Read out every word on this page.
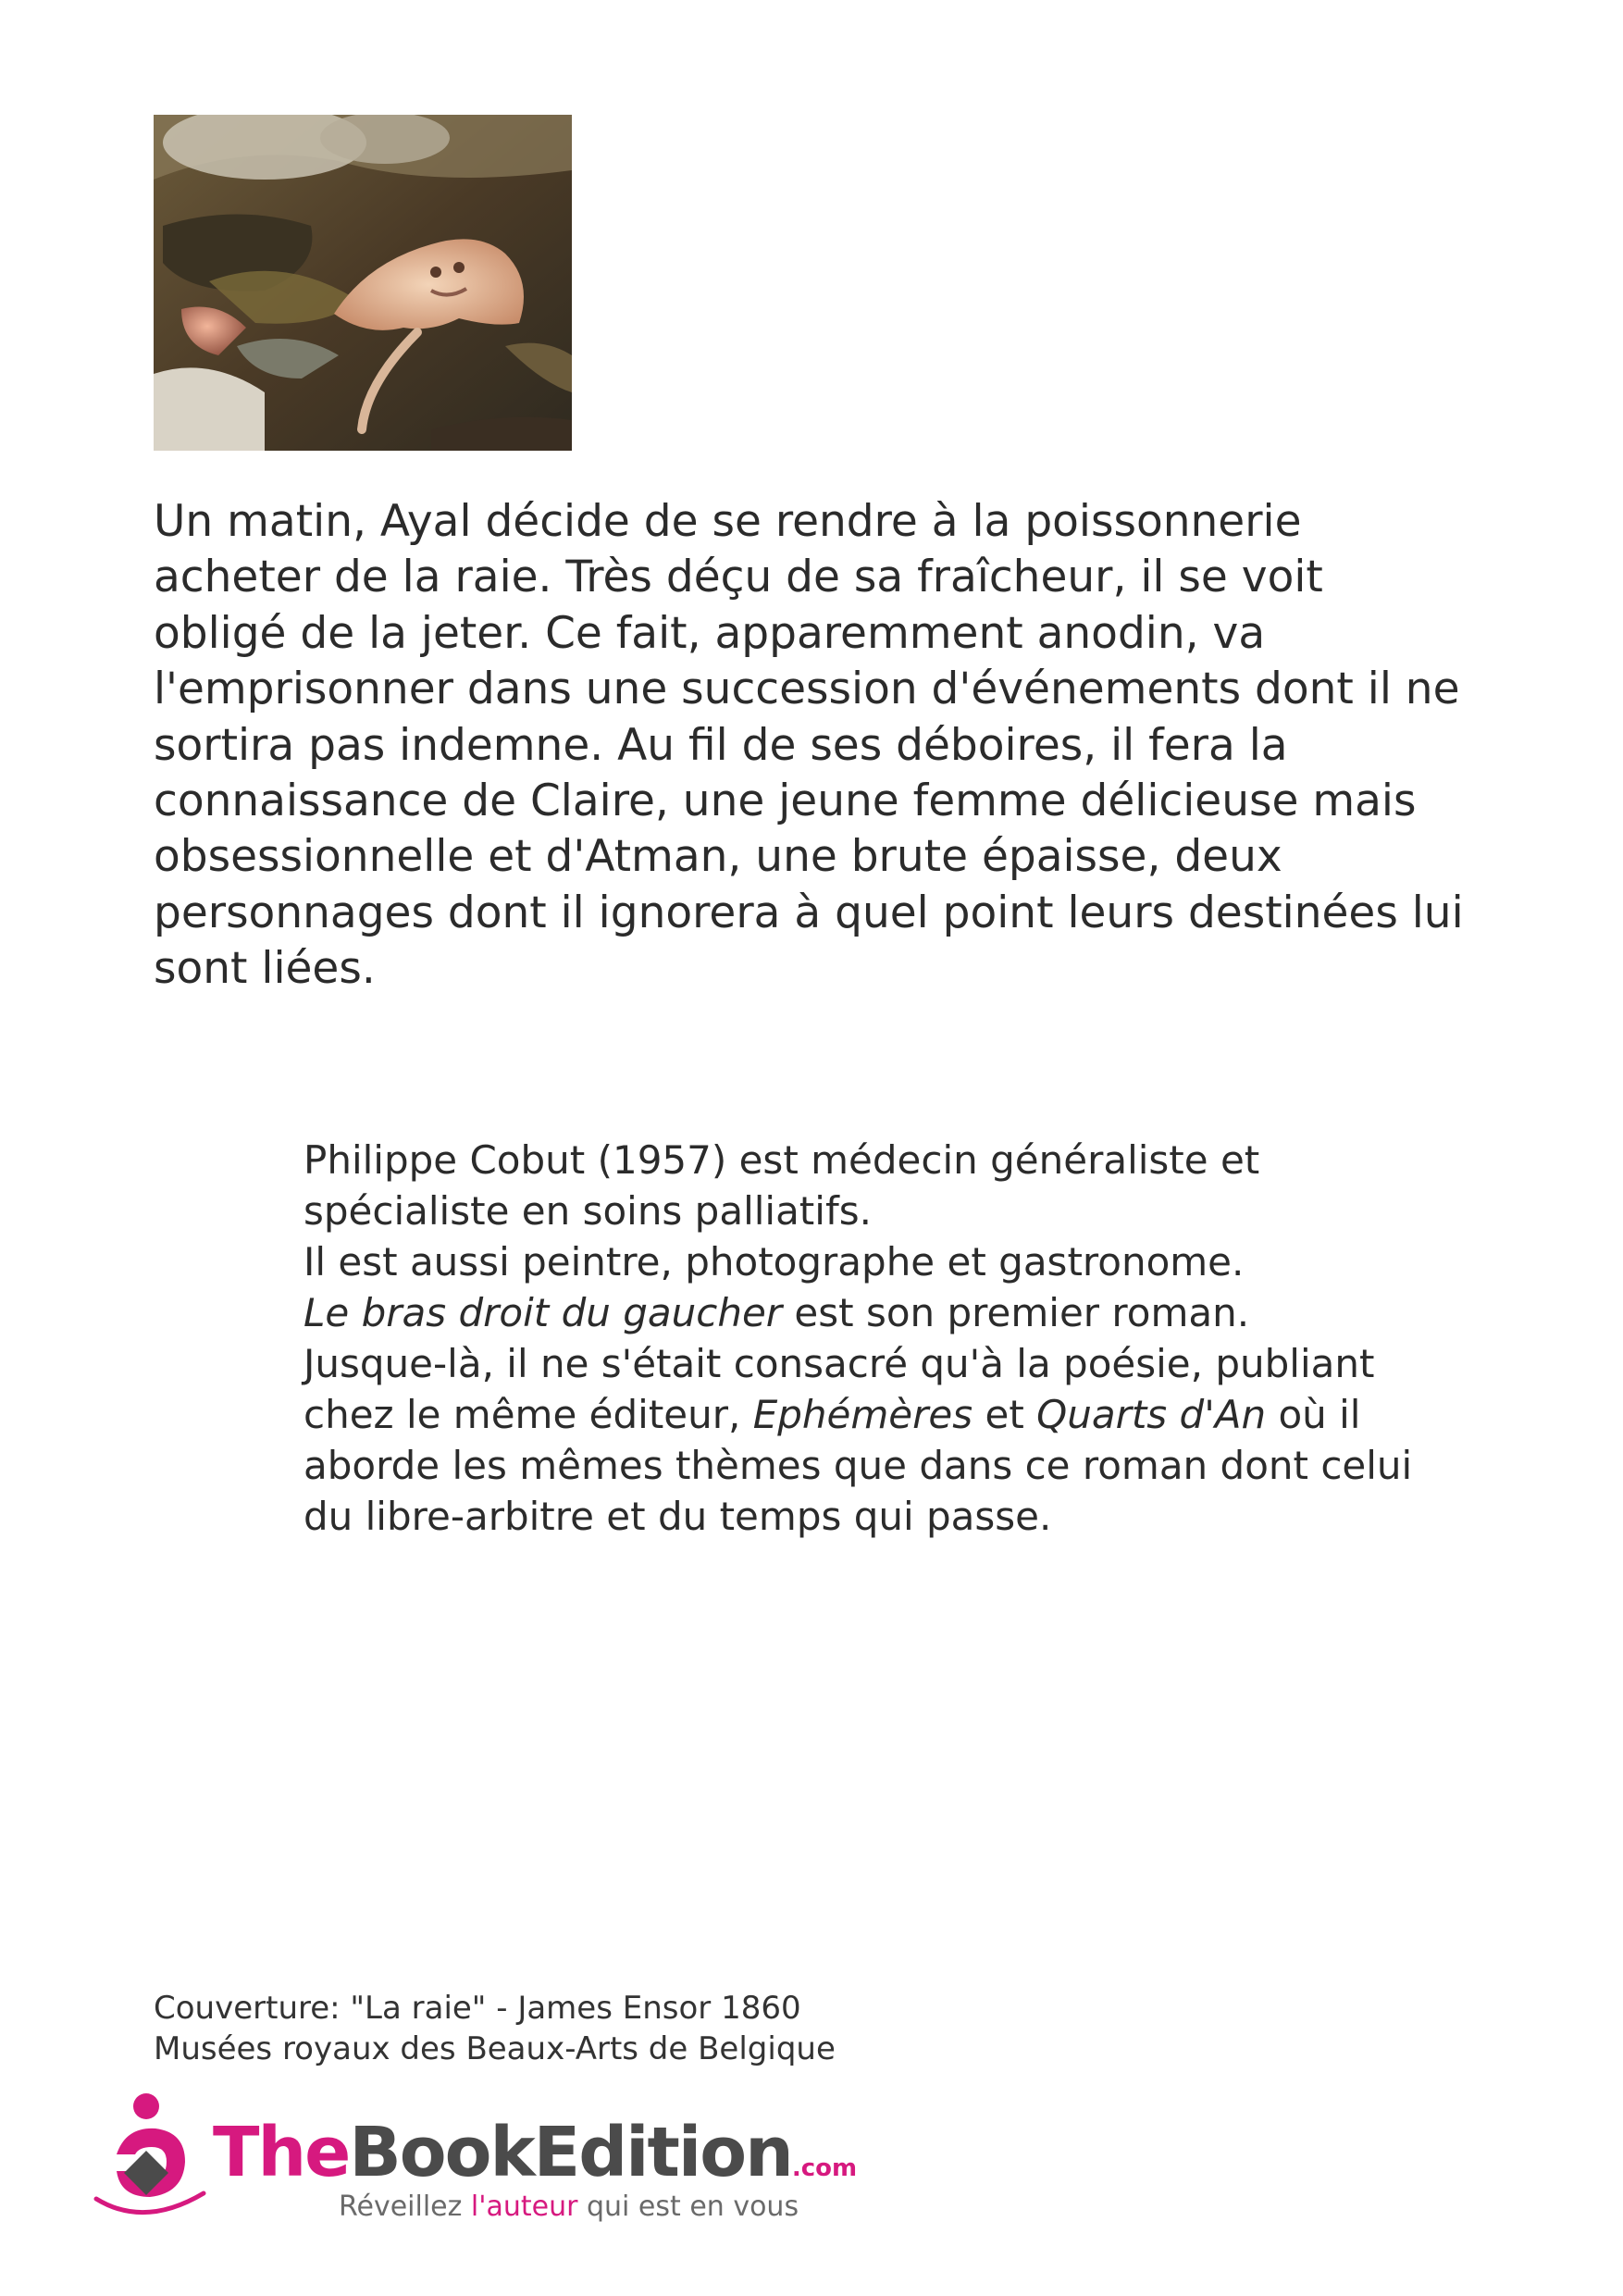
Un matin, Ayal décide de se rendre à la poissonnerie acheter de la raie. Très déçu de sa fraîcheur, il se voit obligé de la jeter. Ce fait, apparemment anodin, va l'emprisonner dans une succession d'événements dont il ne sortira pas indemne. Au fil de ses déboires, il fera la connaissance de Claire, une jeune femme délicieuse mais obsessionnelle et d'Atman, une brute épaisse, deux personnages dont il ignorera à quel point leurs destinées lui sont liées.

Philippe Cobut (1957) est médecin généraliste et spécialiste en soins palliatifs.

Il est aussi peintre, photographe et gastronome.

Le bras droit du gaucher est son premier roman.

Jusque-là, il ne s'était consacré qu'à la poésie, publiant chez le même éditeur, Ephémères et Quarts d'An où il aborde les mêmes thèmes que dans ce roman dont celui du libre-arbitre et du temps qui passe.

Couverture: "La raie" - James Ensor 1860
Musées royaux des Beaux-Arts de Belgique
TheBookEdition.com
Réveillez l'auteur qui est en vous
